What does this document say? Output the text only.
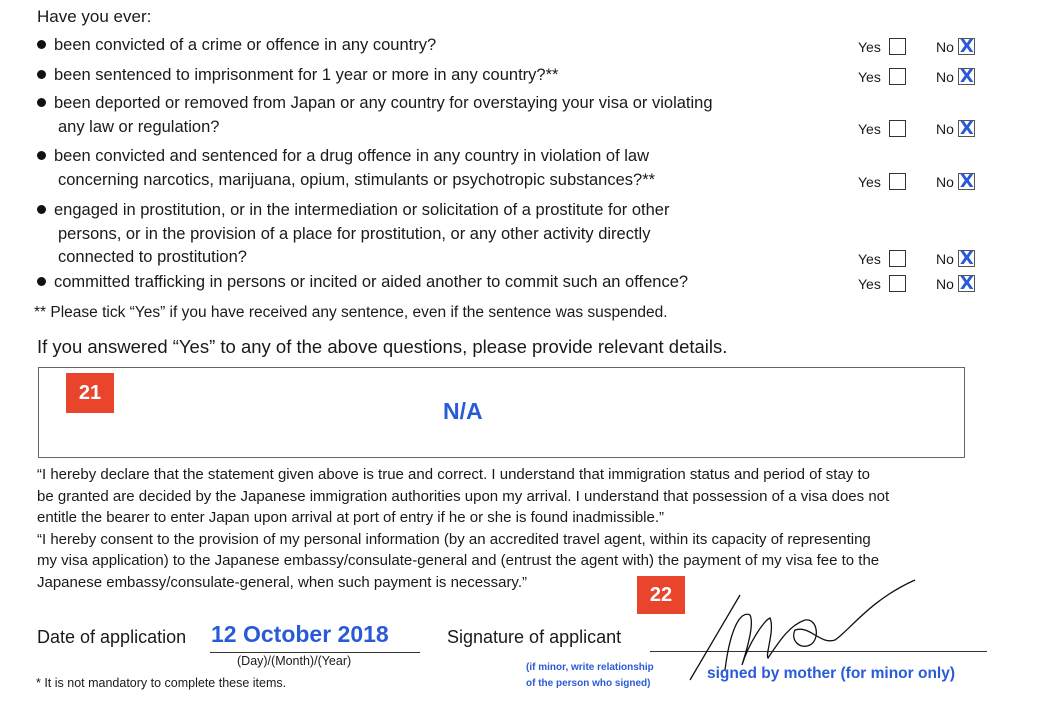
Have you ever:
been convicted of a crime or offence in any country?	Yes	No
X
been sentenced to imprisonment for 1 year or more in any country?**	Yes	No
X
been deported or removed from Japan or any country for overstaying your visa or violating
any law or regulation?	Yes	No
X
been convicted and sentenced for a drug offence in any country in violation of law
concerning narcotics, marijuana, opium, stimulants or psychotropic substances?**	Yes	No
X
engaged in prostitution, or in the intermediation or solicitation of a prostitute for other
persons, or in the provision of a place for prostitution, or any other activity directly
connected to prostitution?	Yes	No
X
committed trafficking in persons or incited or aided another to commit such an offence?	Yes	No
X
** Please tick “Yes” if you have received any sentence, even if the sentence was suspended.
If you answered “Yes” to any of the above questions, please provide relevant details.
21
N/A
“I hereby declare that the statement given above is true and correct. I understand that immigration status and period of stay to
be granted are decided by the Japanese immigration authorities upon my arrival. I understand that possession of a visa does not
entitle the bearer to enter Japan upon arrival at port of entry if he or she is found inadmissible.”
“I hereby consent to the provision of my personal information (by an accredited travel agent, within its capacity of representing
my visa application) to the Japanese embassy/consulate-general and (entrust the agent with) the payment of my visa fee to the
Japanese embassy/consulate-general, when such payment is necessary.”
22
Date of application 12 October 2018
(Day)/(Month)/(Year)
* It is not mandatory to complete these items.
Signature of applicant
(if minor, write relationship
of the person who signed)
signed by mother (for minor only)
